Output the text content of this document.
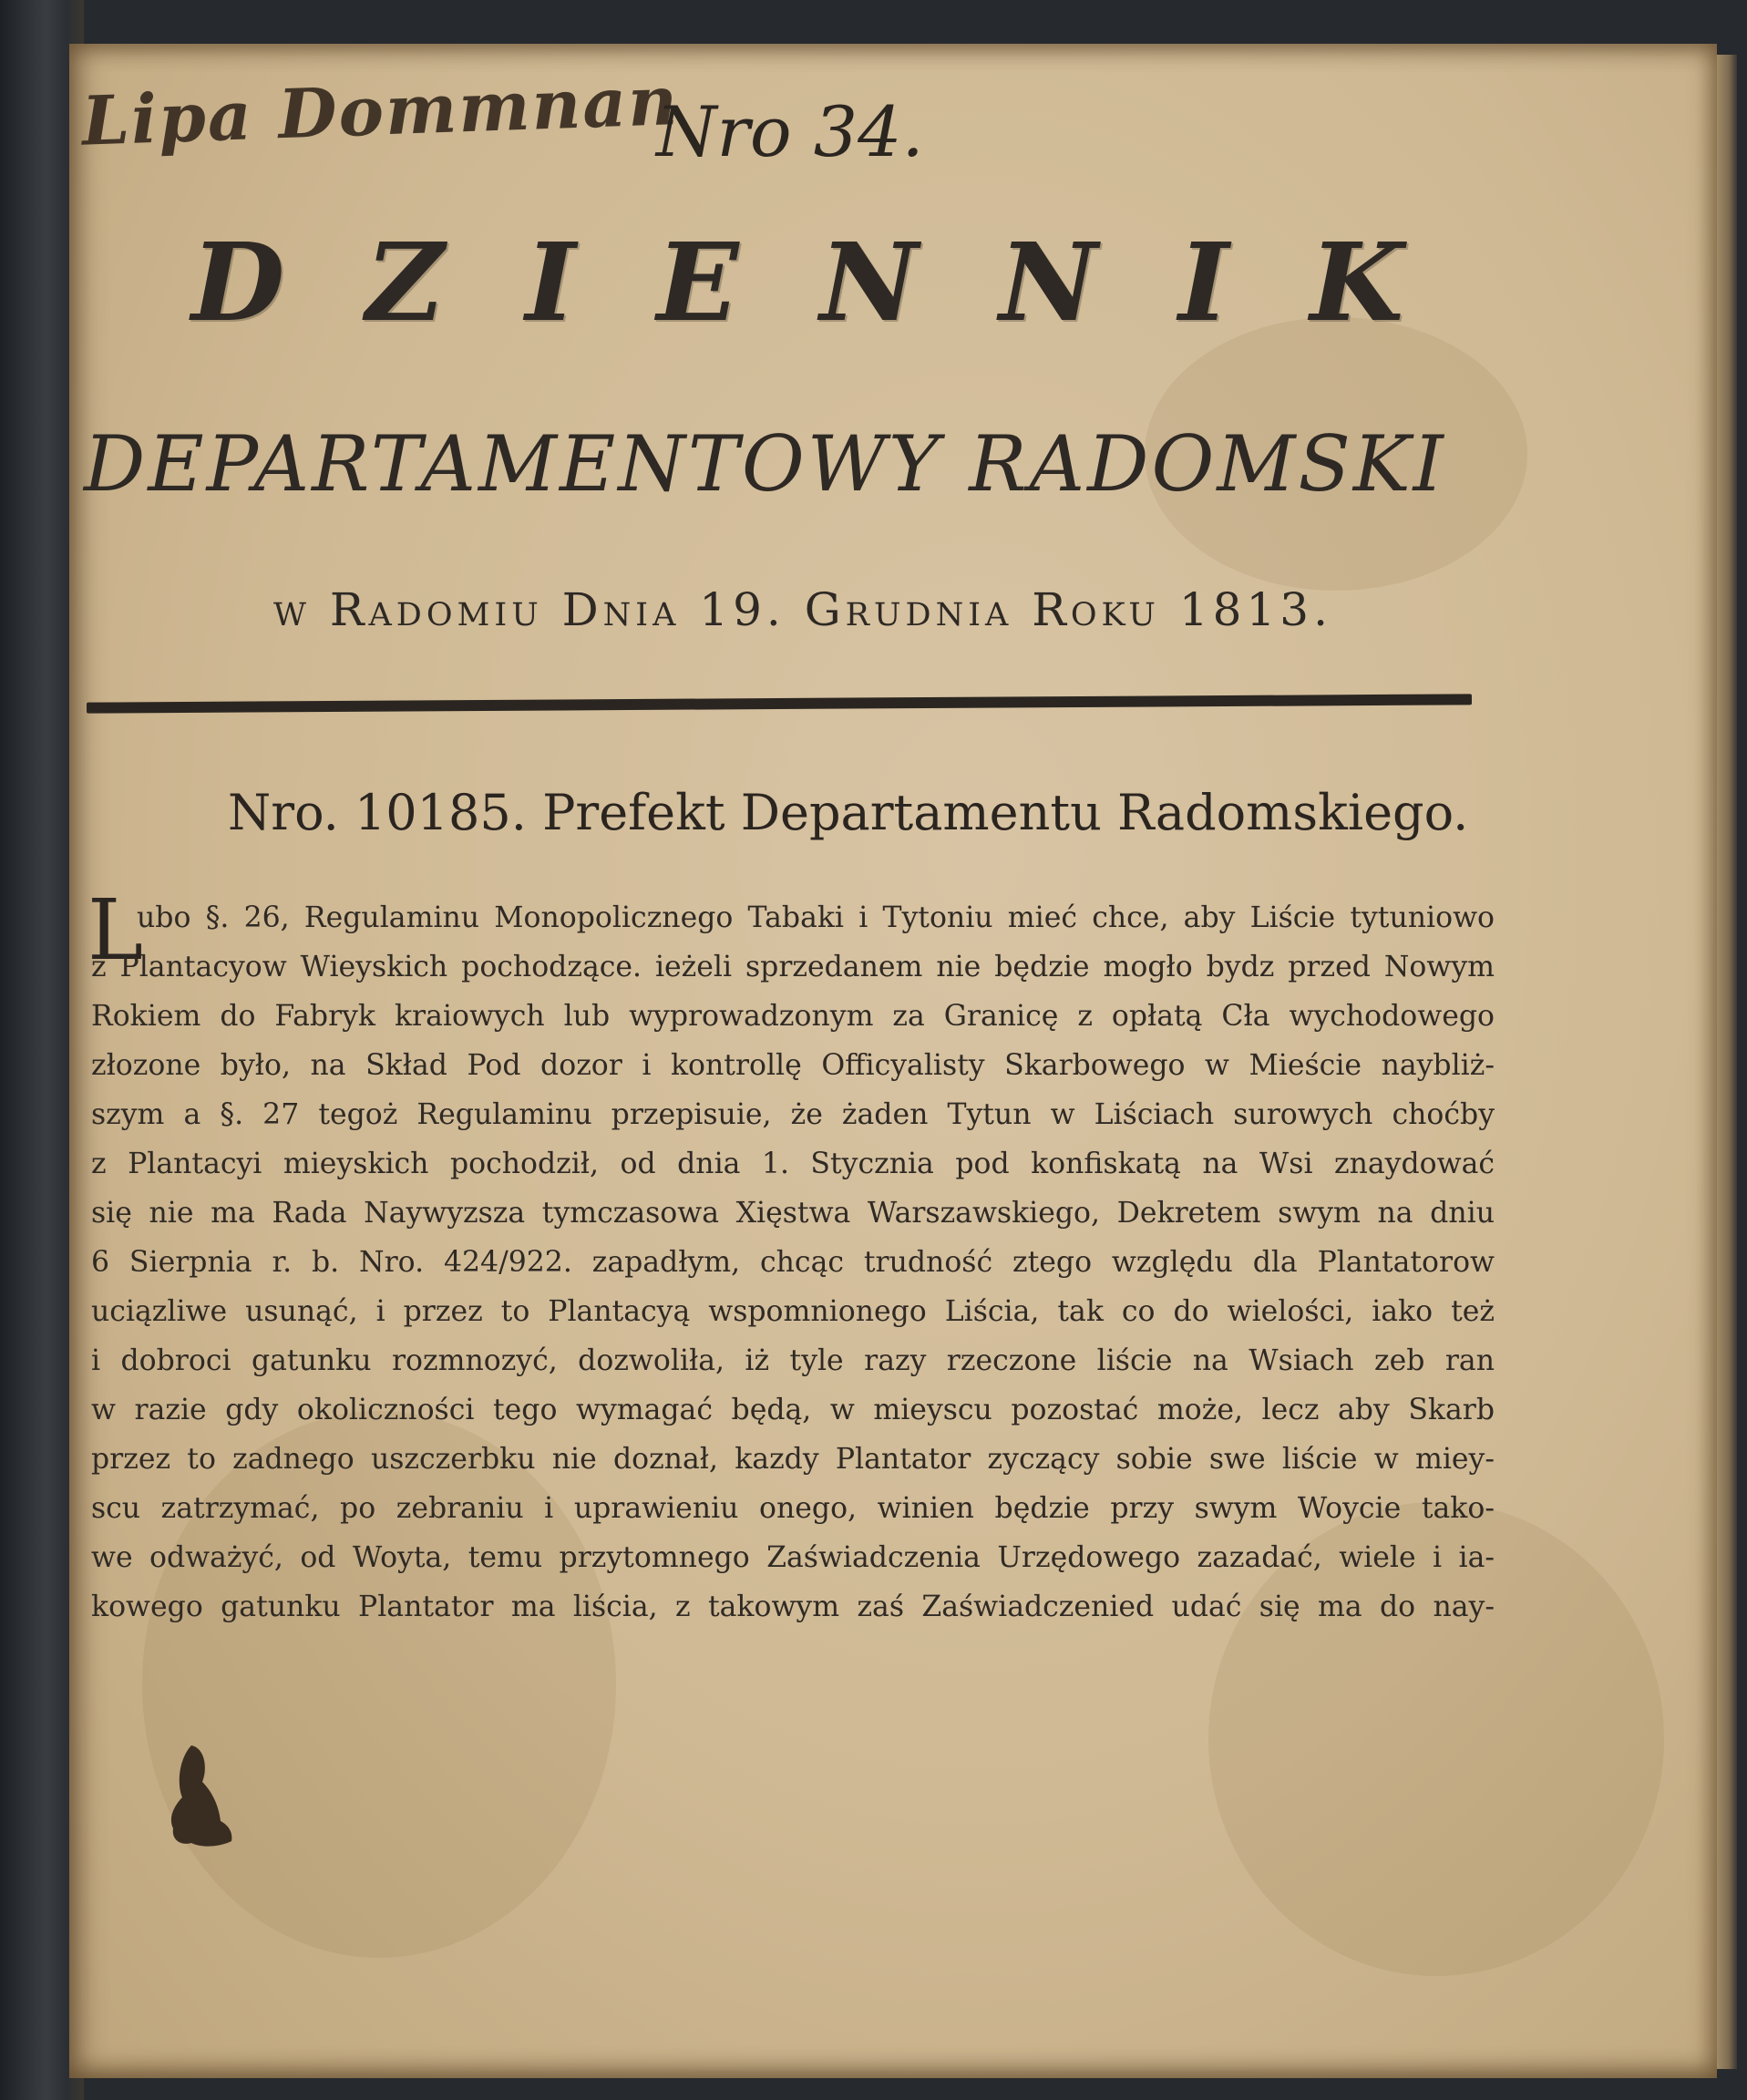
Lipa Dommnan
Nro 34.
D Z I E N N I K
DEPARTAMENTOWY RADOMSKI
w Radomiu Dnia 19. Grudnia Roku 1813.
Nro. 10185. Prefekt Departamentu Radomskiego.
L
ubo §. 26, Regulaminu Monopolicznego Tabaki i Tytoniu mieć chce, aby Liście tytuniowo
z Plantacyow Wieyskich pochodzące. ieżeli sprzedanem nie będzie mogło bydz przed Nowym
Rokiem do Fabryk kraiowych lub wyprowadzonym za Granicę z opłatą Cła wychodowego
złozone było, na Skład Pod dozor i kontrollę Officyalisty Skarbowego w Mieście naybliż-
szym a §. 27 tegoż Regulaminu przepisuie, że żaden Tytun w Liściach surowych choćby
z Plantacyi mieyskich pochodził, od dnia 1. Stycznia pod konfiskatą na Wsi znaydować
się nie ma Rada Naywyzsza tymczasowa Xięstwa Warszawskiego, Dekretem swym na dniu
6 Sierpnia r. b. Nro. 424/922. zapadłym, chcąc trudność ztego względu dla Plantatorow
uciązliwe usunąć, i przez to Plantacyą wspomnionego Liścia, tak co do wielości, iako też
i dobroci gatunku rozmnozyć, dozwoliła, iż tyle razy rzeczone liście na Wsiach zeb ran
w razie gdy okoliczności tego wymagać będą, w mieyscu pozostać może, lecz aby Skarb
przez to zadnego uszczerbku nie doznał, kazdy Plantator zyczący sobie swe liście w miey-
scu zatrzymać, po zebraniu i uprawieniu onego, winien będzie przy swym Woycie tako-
we odważyć, od Woyta, temu przytomnego Zaświadczenia Urzędowego zazadać, wiele i ia-
kowego gatunku Plantator ma liścia, z takowym zaś Zaświadczenied udać się ma do nay-
